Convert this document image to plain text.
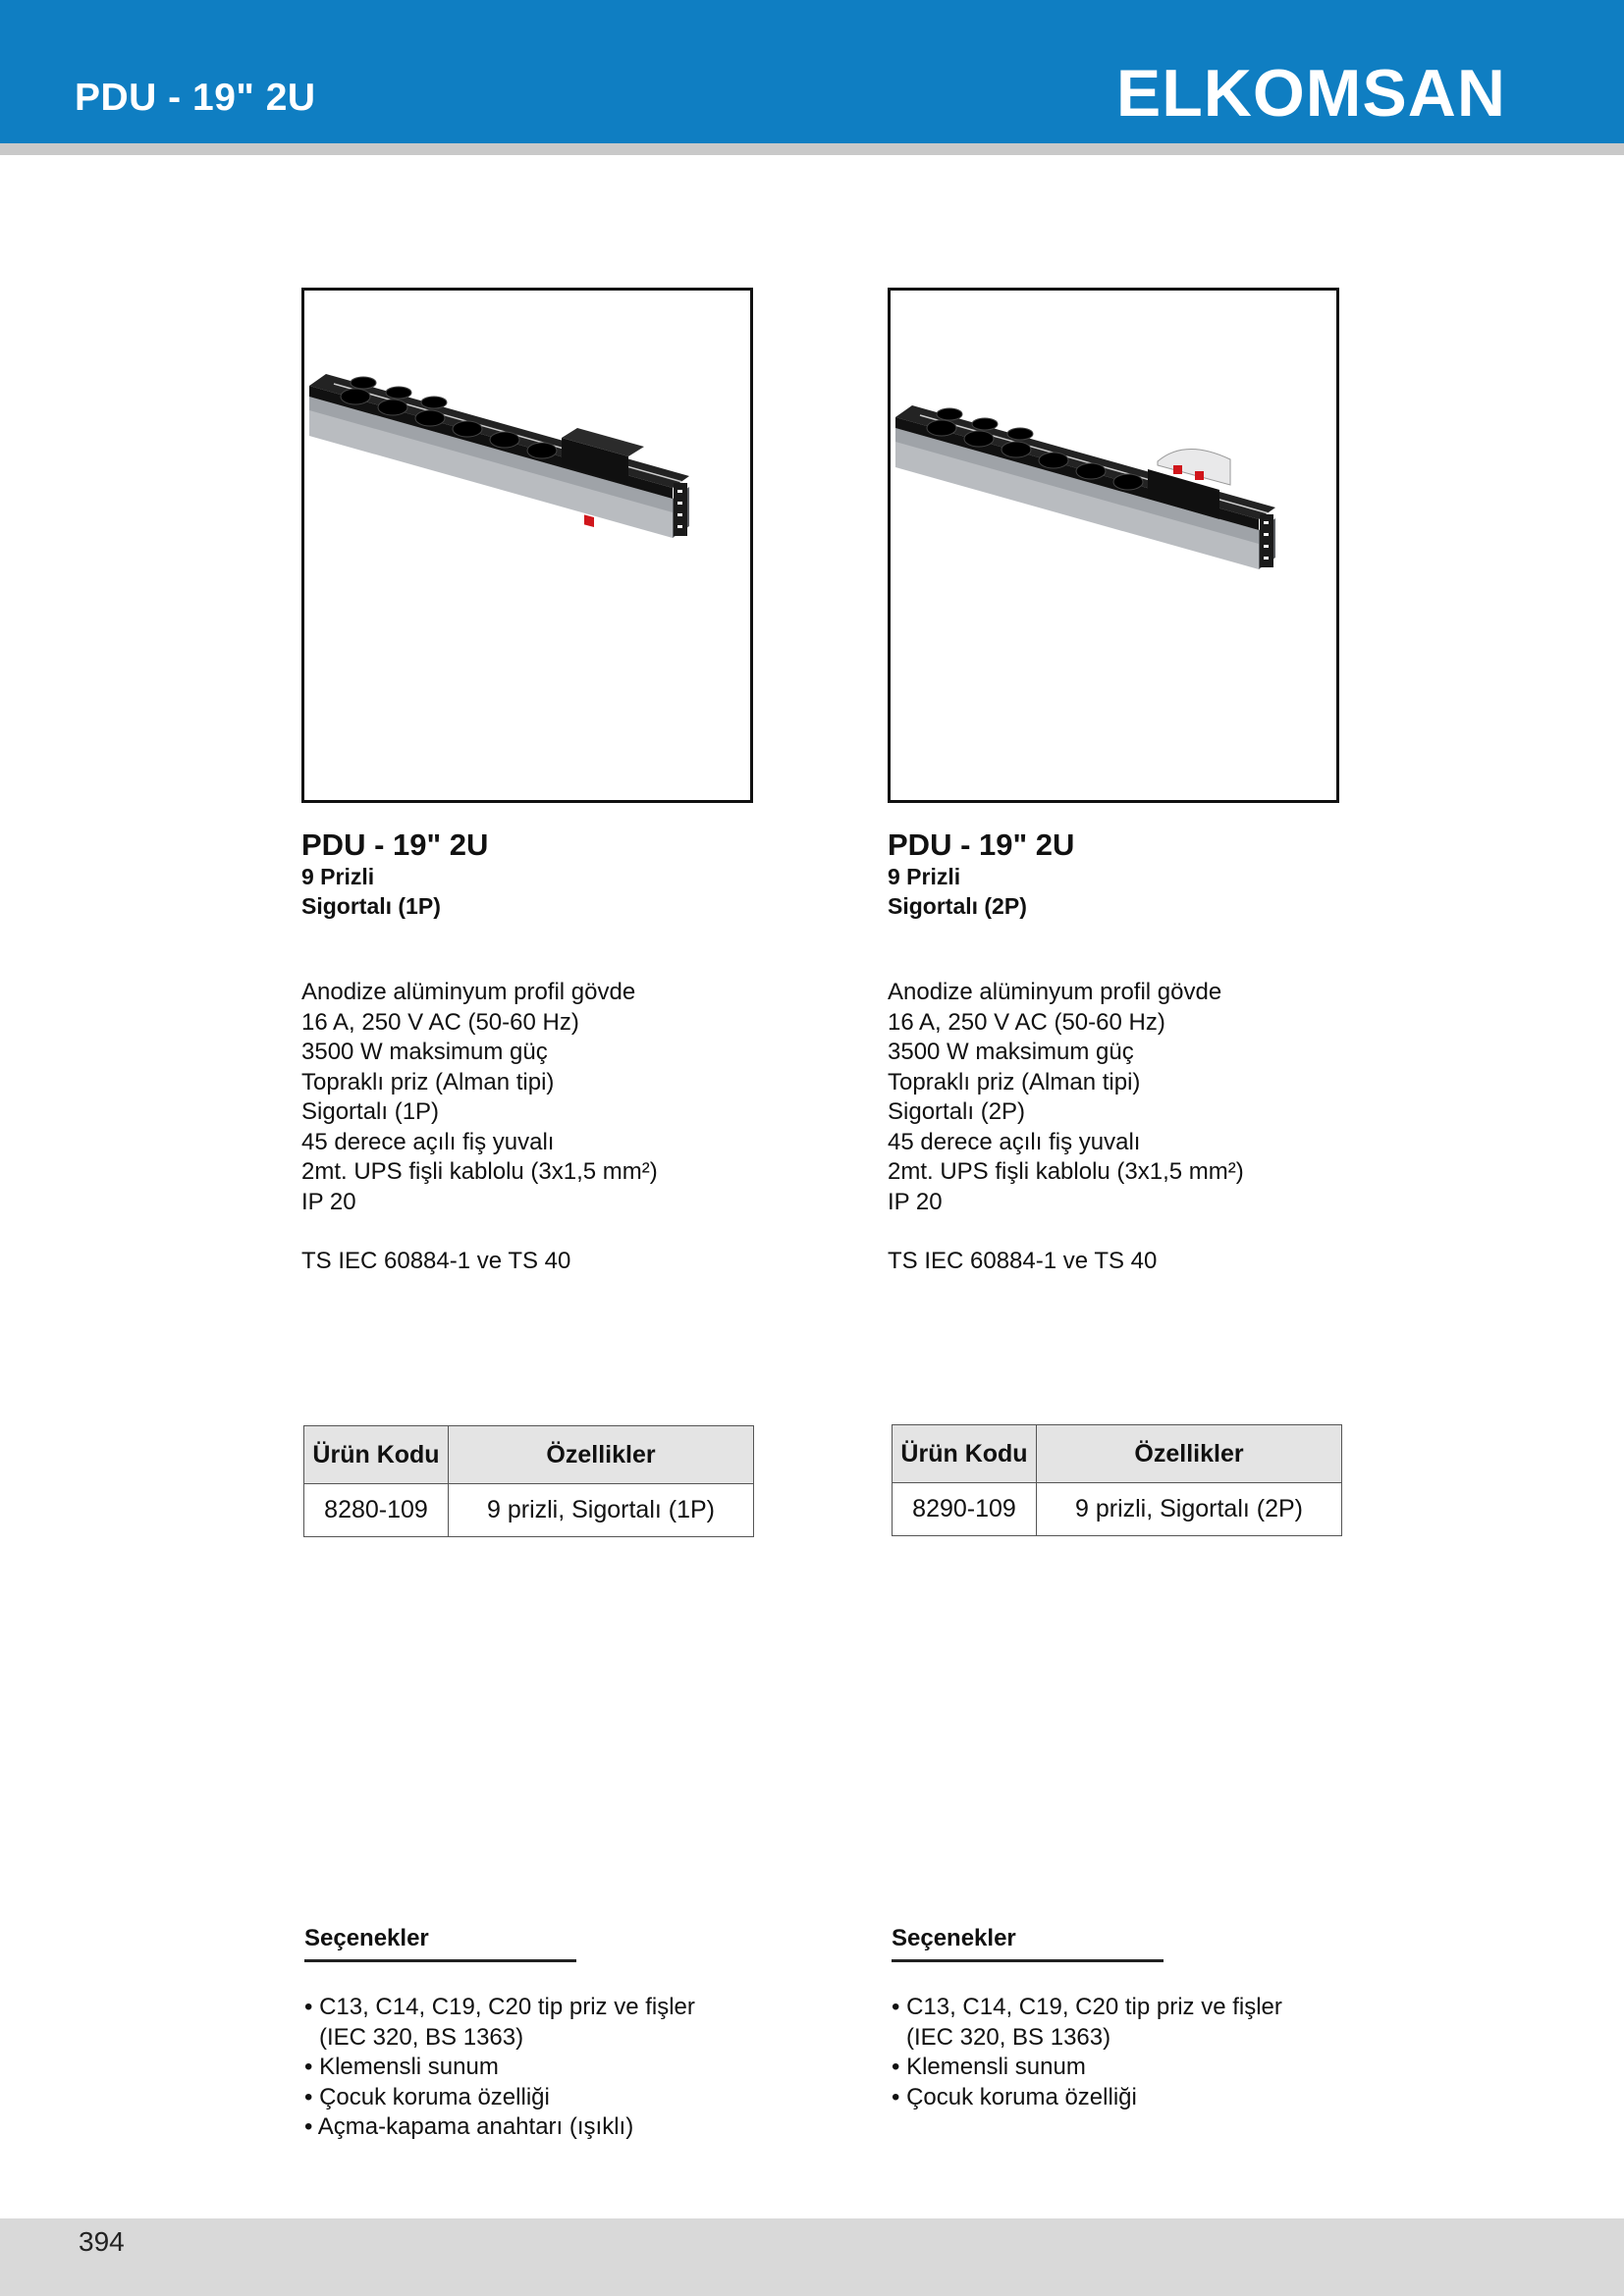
PDU - 19" 2U	ELKOMSAN
PDU - 19" 2U
9 Prizli
Sigortalı (1P)
Anodize alüminyum profil gövde
16 A, 250 V AC (50-60 Hz)
3500 W maksimum güç
Topraklı priz (Alman tipi)
Sigortalı (1P)
45 derece açılı fiş yuvalı
2mt. UPS fişli kablolu (3x1,5 mm²)
IP 20
TS IEC 60884-1 ve TS 40
Ürün Kodu	Özellikler
8280-109	9 prizli, Sigortalı (1P)
Seçenekler
• C13, C14, C19, C20 tip priz ve fişler
(IEC 320, BS 1363)
• Klemensli sunum
• Çocuk koruma özelliği
• Açma-kapama anahtarı (ışıklı)
PDU - 19" 2U
9 Prizli
Sigortalı (2P)
Anodize alüminyum profil gövde
16 A, 250 V AC (50-60 Hz)
3500 W maksimum güç
Topraklı priz (Alman tipi)
Sigortalı (2P)
45 derece açılı fiş yuvalı
2mt. UPS fişli kablolu (3x1,5 mm²)
IP 20
TS IEC 60884-1 ve TS 40
Ürün Kodu	Özellikler
8290-109	9 prizli, Sigortalı (2P)
Seçenekler
• C13, C14, C19, C20 tip priz ve fişler
(IEC 320, BS 1363)
• Klemensli sunum
• Çocuk koruma özelliği
394
